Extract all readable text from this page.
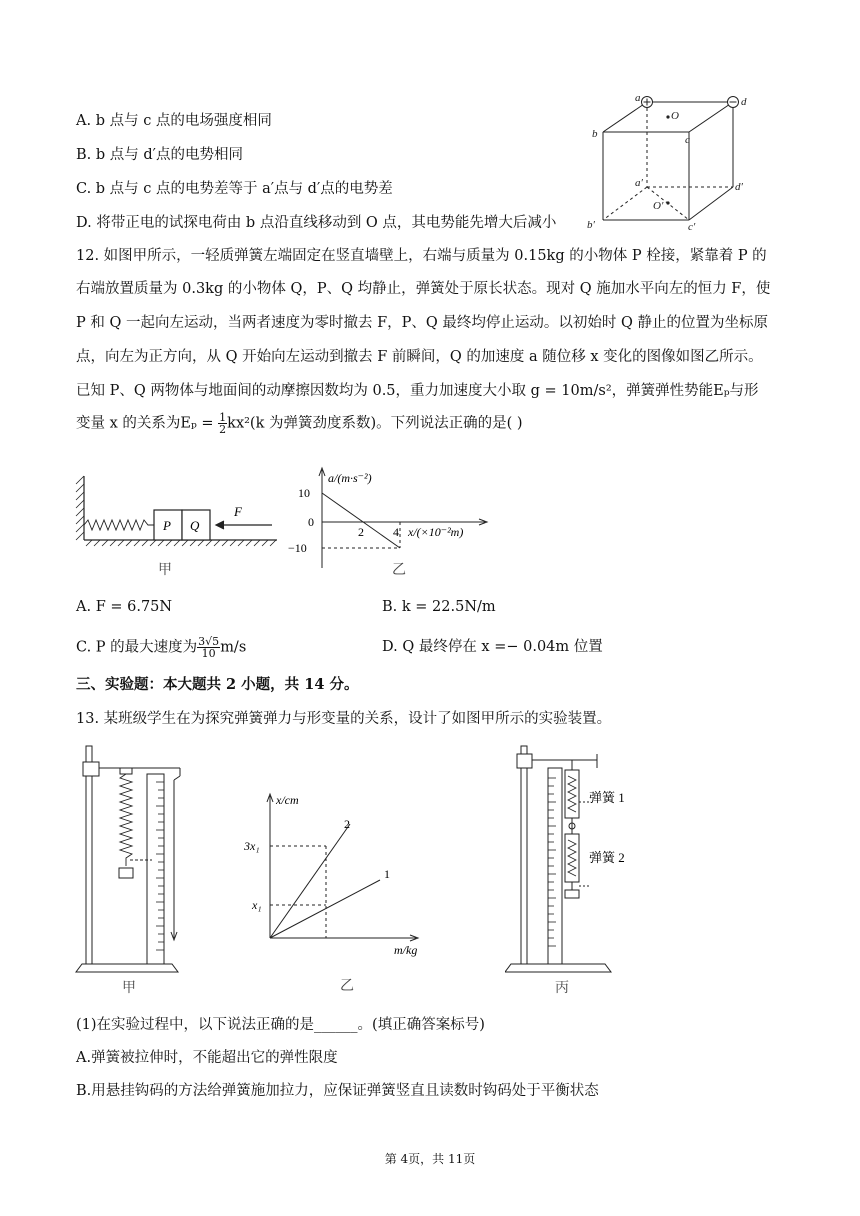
A. b 点与 c 点的电场强度相同
B. b 点与 d′点的电势相同
C. b 点与 c 点的电势差等于 a′点与 d′点的电势差
D. 将带正电的试探电荷由 b 点沿直线移动到 O 点，其电势能先增大后减小
a	d
b	c
O
a′	d′
b′	c′
O′
12. 如图甲所示，一轻质弹簧左端固定在竖直墙壁上，右端与质量为 0.15kg 的小物体 P 栓接，紧靠着 P 的
右端放置质量为 0.3kg 的小物体 Q，P、Q 均静止，弹簧处于原长状态。现对 Q 施加水平向左的恒力 F，使
P 和 Q 一起向左运动，当两者速度为零时撤去 F，P、Q 最终均停止运动。以初始时 Q 静止的位置为坐标原
点，向左为正方向，从 Q 开始向左运动到撤去 F 前瞬间，Q 的加速度 a 随位移 x 变化的图像如图乙所示。
已知 P、Q 两物体与地面间的动摩擦因数均为 0.5，重力加速度大小取 g = 10m/s²，弹簧弹性势能Eₚ与形
变量 x 的关系为$E_p = \frac{1}{2} kx^2(k$ 为弹簧劲度系数)。下列说法正确的是( )
P Q
F
甲
a/(m·s⁻²)
10
0
−10
2 4 x/(×10⁻²m)
乙
A. F = 6.75N	B. k = 22.5N/m
C. P 的最大速度为 $\frac{3√5}{10} m/s$	D. Q 最终停在 x =− 0.04m 位置
三、实验题：本大题共 2 小题，共 14 分。
13. 某班级学生在为探究弹簧弹力与形变量的关系，设计了如图甲所示的实验装置。
甲
x/cm
3x₁
x₁
2
1
m/kg
乙
弹簧 1
弹簧 2
丙
(1)在实验过程中，以下说法正确的是______。(填正确答案标号)
A.弹簧被拉伸时，不能超出它的弹性限度
B.用悬挂钩码的方法给弹簧施加拉力，应保证弹簧竖直且读数时钩码处于平衡状态
第 4页，共 11页
